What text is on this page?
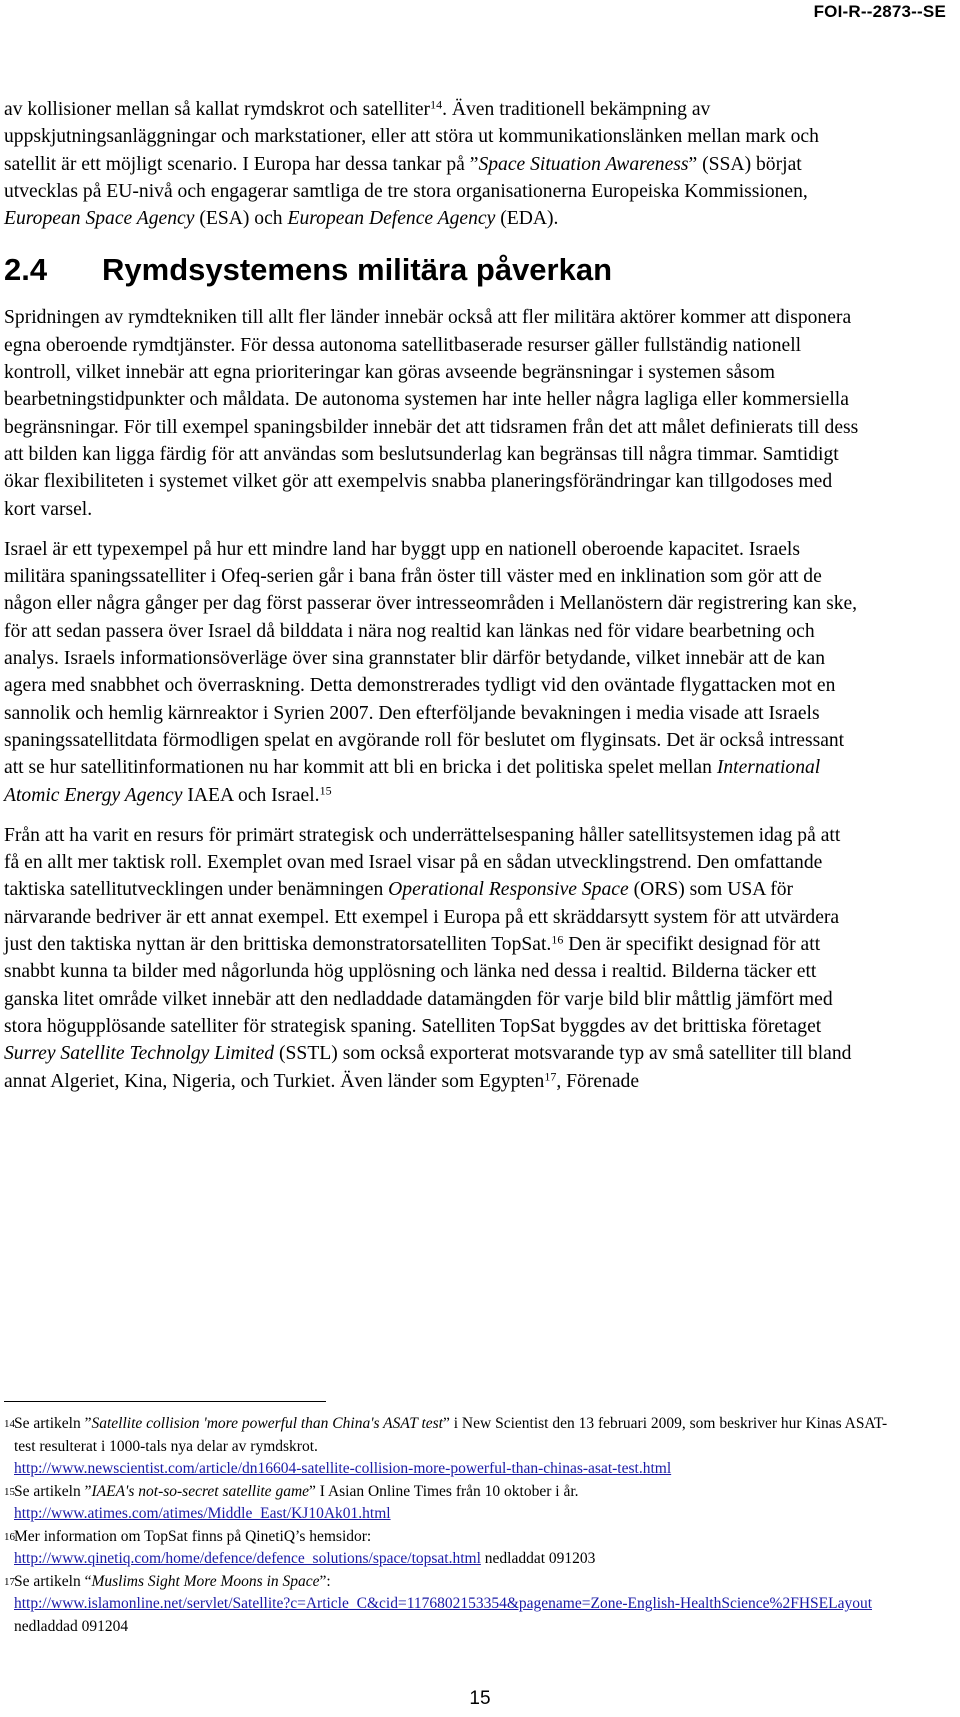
FOI-R--2873--SE

av kollisioner mellan så kallat rymdskrot och satelliter$^{14}$. Även traditionell bekämpning av uppskjutningsanläggningar och markstationer, eller att störa ut kommunikationslänken mellan mark och satellit är ett möjligt scenario. I Europa har dessa tankar på ”Space Situation Awareness” (SSA) börjat utvecklas på EU-nivå och engagerar samtliga de tre stora organisationerna Europeiska Kommissionen, European Space Agency (ESA) och European Defence Agency (EDA).

2.4 Rymdsystemens militära påverkan

Spridningen av rymdtekniken till allt fler länder innebär också att fler militära aktörer kommer att disponera egna oberoende rymdtjänster. För dessa autonoma satellitbaserade resurser gäller fullständig nationell kontroll, vilket innebär att egna prioriteringar kan göras avseende begränsningar i systemen såsom bearbetningstidpunkter och måldata. De autonoma systemen har inte heller några lagliga eller kommersiella begränsningar. För till exempel spaningsbilder innebär det att tidsramen från det att målet definierats till dess att bilden kan ligga färdig för att användas som beslutsunderlag kan begränsas till några timmar. Samtidigt ökar flexibiliteten i systemet vilket gör att exempelvis snabba planeringsförändringar kan tillgodoses med kort varsel.

Israel är ett typexempel på hur ett mindre land har byggt upp en nationell oberoende kapacitet. Israels militära spaningssatelliter i Ofeq-serien går i bana från öster till väster med en inklination som gör att de någon eller några gånger per dag först passerar över intresseområden i Mellanöstern där registrering kan ske, för att sedan passera över Israel då bilddata i nära nog realtid kan länkas ned för vidare bearbetning och analys. Israels informationsöverläge över sina grannstater blir därför betydande, vilket innebär att de kan agera med snabbhet och överraskning. Detta demonstrerades tydligt vid den oväntade flygattacken mot en sannolik och hemlig kärnreaktor i Syrien 2007. Den efterföljande bevakningen i media visade att Israels spaningssatellitdata förmodligen spelat en avgörande roll för beslutet om flyginsats. Det är också intressant att se hur satellitinformationen nu har kommit att bli en bricka i det politiska spelet mellan International Atomic Energy Agency IAEA och Israel.$^{15}$

Från att ha varit en resurs för primärt strategisk och underrättelsespaning håller satellitsystemen idag på att få en allt mer taktisk roll. Exemplet ovan med Israel visar på en sådan utvecklingstrend. Den omfattande taktiska satellitutvecklingen under benämningen Operational Responsive Space (ORS) som USA för närvarande bedriver är ett annat exempel. Ett exempel i Europa på ett skräddarsytt system för att utvärdera just den taktiska nyttan är den brittiska demonstratorsatelliten TopSat.$^{16}$ Den är specifikt designad för att snabbt kunna ta bilder med någorlunda hög upplösning och länka ned dessa i realtid. Bilderna täcker ett ganska litet område vilket innebär att den nedladdade datamängden för varje bild blir måttlig jämfört med stora högupplösande satelliter för strategisk spaning. Satelliten TopSat byggdes av det brittiska företaget Surrey Satellite Technolgy Limited (SSTL) som också exporterat motsvarande typ av små satelliter till bland annat Algeriet, Kina, Nigeria, och Turkiet. Även länder som Egypten$^{17}$, Förenade

14 Se artikeln ”Satellite collision 'more powerful than China's ASAT test” i New Scientist den 13 februari 2009, som beskriver hur Kinas ASAT-test resulterat i 1000-tals nya delar av rymdskrot.
http://www.newscientist.com/article/dn16604-satellite-collision-more-powerful-than-chinas-asat-test.html

15 Se artikeln ”IAEA's not-so-secret satellite game” I Asian Online Times från 10 oktober i år.
http://www.atimes.com/atimes/Middle_East/KJ10Ak01.html

16 Mer information om TopSat finns på QinetiQ’s hemsidor:
http://www.qinetiq.com/home/defence/defence_solutions/space/topsat.html nedladdat 091203

17 Se artikeln “Muslims Sight More Moons in Space”:
http://www.islamonline.net/servlet/Satellite?c=Article_C&cid=1176802153354&pagename=Zone-English-HealthScience%2FHSELayout nedladdad 091204

15
